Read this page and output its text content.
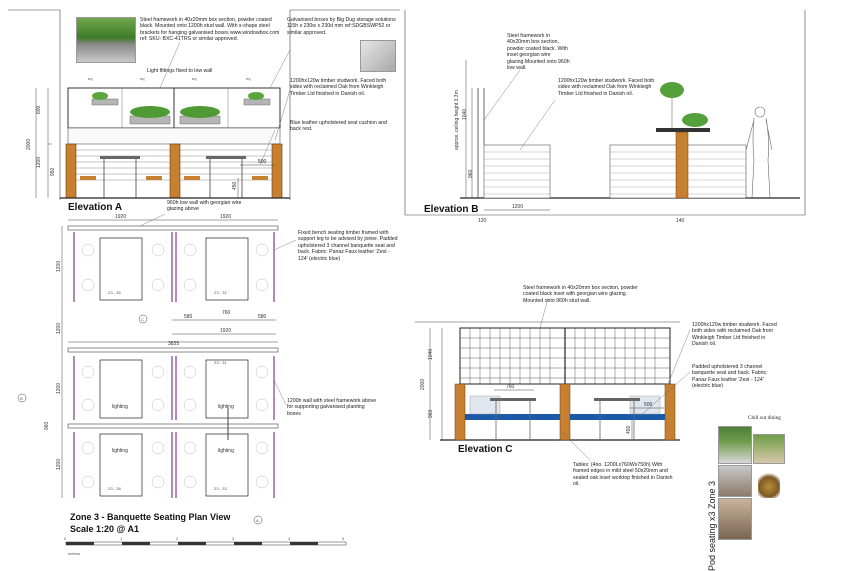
eq	eq	eq	eq
800
2000
1200	500
950
450
1040
960
1200
120	140
approx. ceiling height 3.3m
1920	1920
1920
3835
580
760
580
1200
1200
1200
1200
960
Z3 - 35	Z3 - 32
Z3 - 31
Z3 - 38	Z3 - 33
lighting	lighting
lighting	lighting
C
B
A
0	1	2	3	4	5
metres
1040
2000
960
760
500
450
Steel framework in 40x20mm box section, powder coated black. Mounted onto 1200h stud wall. With s-shape steel brackets for hanging galvanised boxes www.windowbox.com ref: SKU: BXC-41TRS or similar approved.
Galvanised boxes by Big Dug storage solutions 115h x 230w x 230d mm ref:SDGBSWP52 or similar approved.
Light fittings fixed to low wall
1200hx120w timber studwork. Faced both sides with reclaimed Oak from Winkleigh Timber Ltd finished in Danish oil.
Blue leather upholstered seat cushion and back rest.
Elevation A
Steel framework in 40x20mm box section, powder coated black. With inset georgian wire glazing.Mounted onto 960h low wall.
1200hx120w timber studwork. Faced both sides with reclaimed Oak from Winkleigh Timber Ltd finished in Danish oil.
Elevation B
960h low wall with georgian wire glazing above
Fixed bench seating timber framed with support leg to be advised by joiner. Padded upholstered 3 channel banquette seat and back. Fabric: Panaz Faux leather 'Zest - 124' (electric blue)
1200h wall with steel framework above for supporting galvanised planting boxes
Zone 3 - Banquette Seating Plan View
Scale 1:20 @ A1
Steel framework in 40x20mm box section, powder coated black inset with georgian wire glazing. Mounted onto 960h stud wall.
1200hx120w timber studwork. Faced both sides with reclaimed Oak from Winkleigh Timber Ltd finished in Danish oil.
Padded upholstered 3 channel banquette seat and back. Fabric: Panaz Faux leather 'Zest - 124' (electric blue)
Tables: (4no. 1200Lx760Wx750h) With framed edges in mild steel 50x20mm and sealed oak inset worktop finished in Danish oil.
Elevation C
Chill out dining
Pod seating x3 Zone 3
